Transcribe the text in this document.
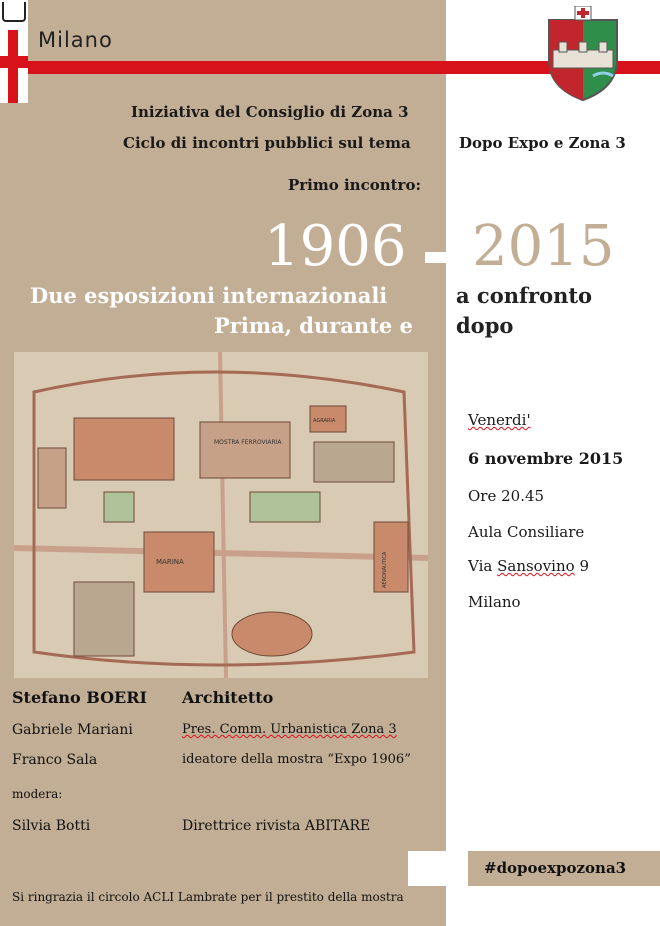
Milano
Iniziativa del Consiglio di Zona 3
Ciclo di incontri pubblici sul tema	Dopo Expo e Zona 3
Primo incontro:
1906 2015
Due esposizioni internazionali	a confronto
Prima, durante e dopo
MOSTRA FERROVIARIA
MARINA	AERONAUTICA
AGRARIA	Venerdi'
6 novembre 2015
Ore 20.45
Aula Consiliare
Via Sansovino 9
Milano
Stefano BOERI Architetto
Gabriele Mariani	Pres. Comm. Urbanistica Zona 3
Franco Sala	ideatore della mostra “Expo 1906”
modera:
Silvia Botti	Direttrice rivista ABITARE
#dopoexpozona3
Si ringrazia il circolo ACLI Lambrate per il prestito della mostra
